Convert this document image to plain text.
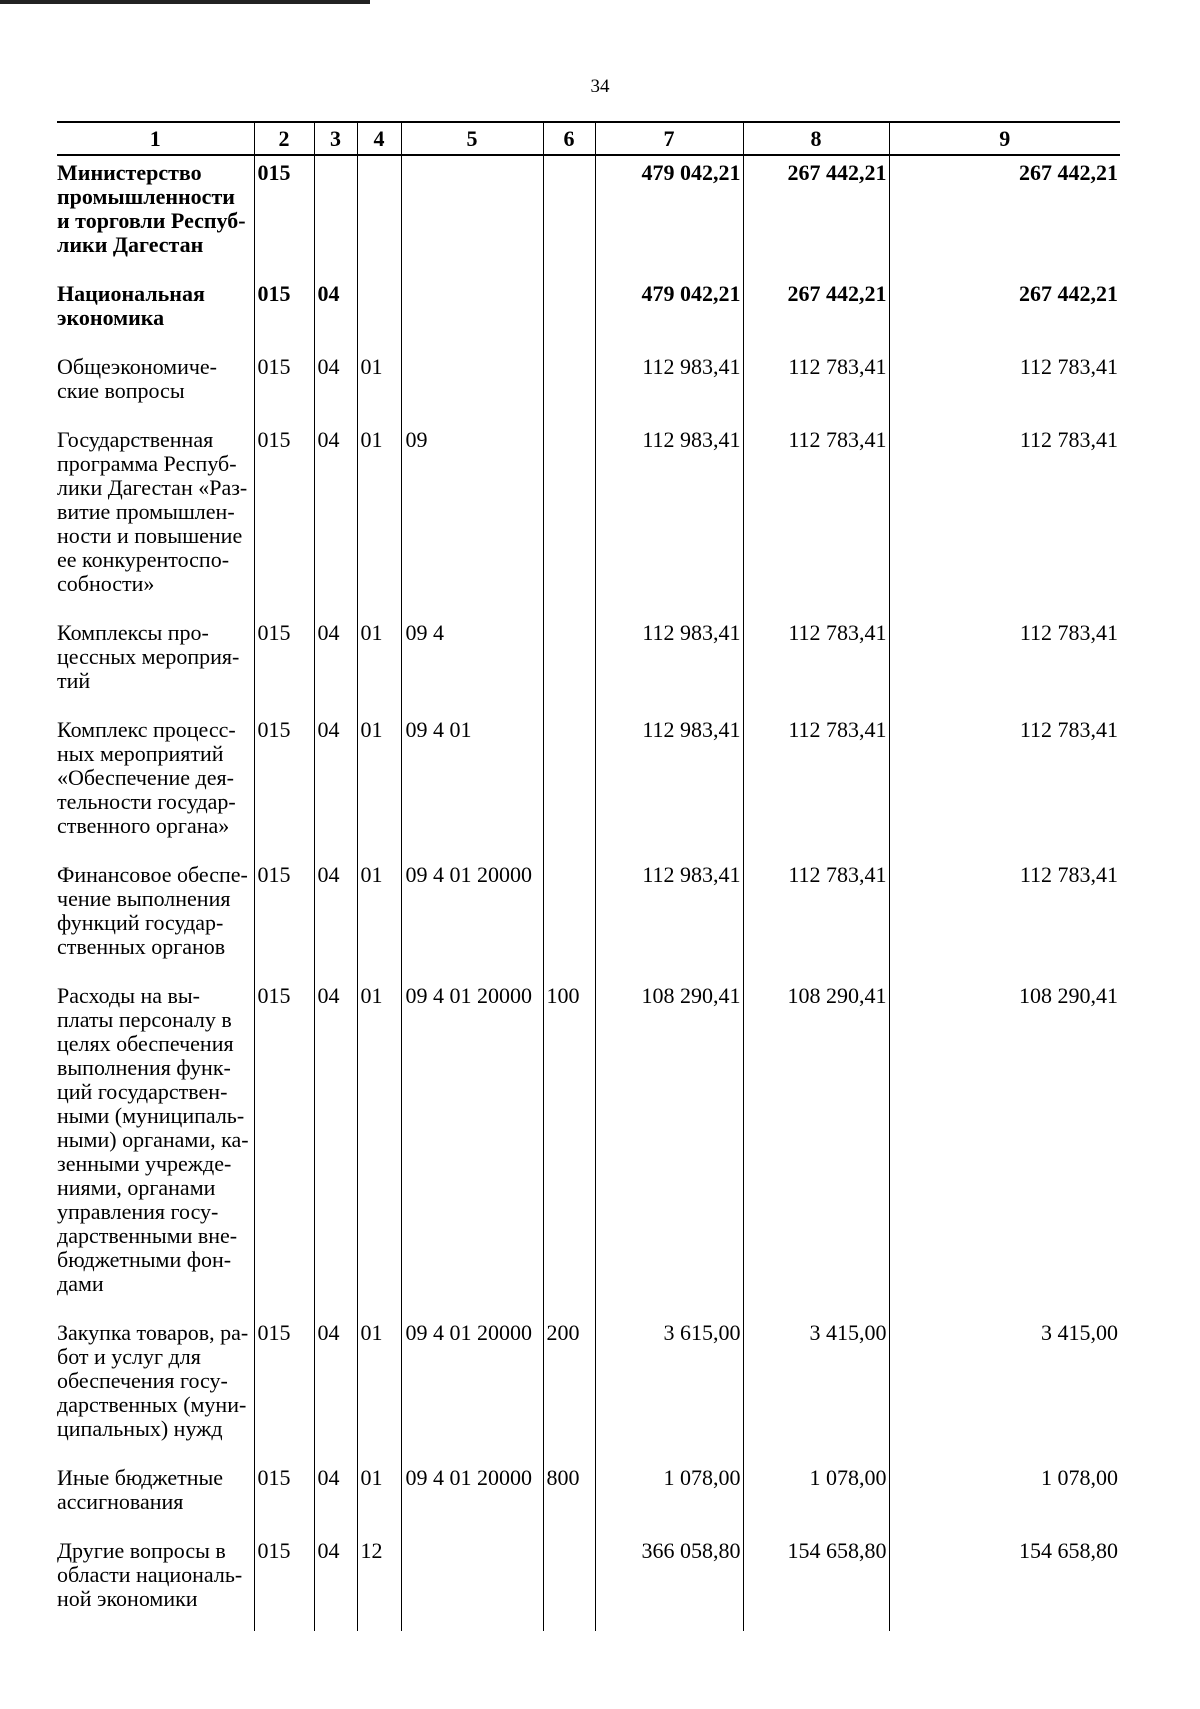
34
1	2	3	4	5	6	7	8	9
Министерство промышленности и торговли Респуб-лики Дагестан	015					479 042,21	267 442,21	267 442,21
Национальная экономика	015	04				479 042,21	267 442,21	267 442,21
Общеэкономиче-ские вопросы	015	04	01			112 983,41	112 783,41	112 783,41
Государственная программа Респуб-лики Дагестан «Раз-витие промышлен-ности и повышение ее конкурентоспо-собности»	015	04	01	09		112 983,41	112 783,41	112 783,41
Комплексы про-цессных мероприя-тий	015	04	01	09 4		112 983,41	112 783,41	112 783,41
Комплекс процесс-ных мероприятий «Обеспечение дея-тельности государ-ственного органа»	015	04	01	09 4 01		112 983,41	112 783,41	112 783,41
Финансовое обеспе-чение выполнения функций государ-ственных органов	015	04	01	09 4 01 20000		112 983,41	112 783,41	112 783,41
Расходы на вы-платы персоналу в целях обеспечения выполнения функ-ций государствен-ными (муниципаль-ными) органами, ка-зенными учрежде-ниями, органами управления госу-дарственными вне-бюджетными фон-дами	015	04	01	09 4 01 20000	100	108 290,41	108 290,41	108 290,41
Закупка товаров, ра-бот и услуг для обеспечения госу-дарственных (муни-ципальных) нужд	015	04	01	09 4 01 20000	200	3 615,00	3 415,00	3 415,00
Иные бюджетные ассигнования	015	04	01	09 4 01 20000	800	1 078,00	1 078,00	1 078,00
Другие вопросы в области националь-ной экономики	015	04	12			366 058,80	154 658,80	154 658,80
